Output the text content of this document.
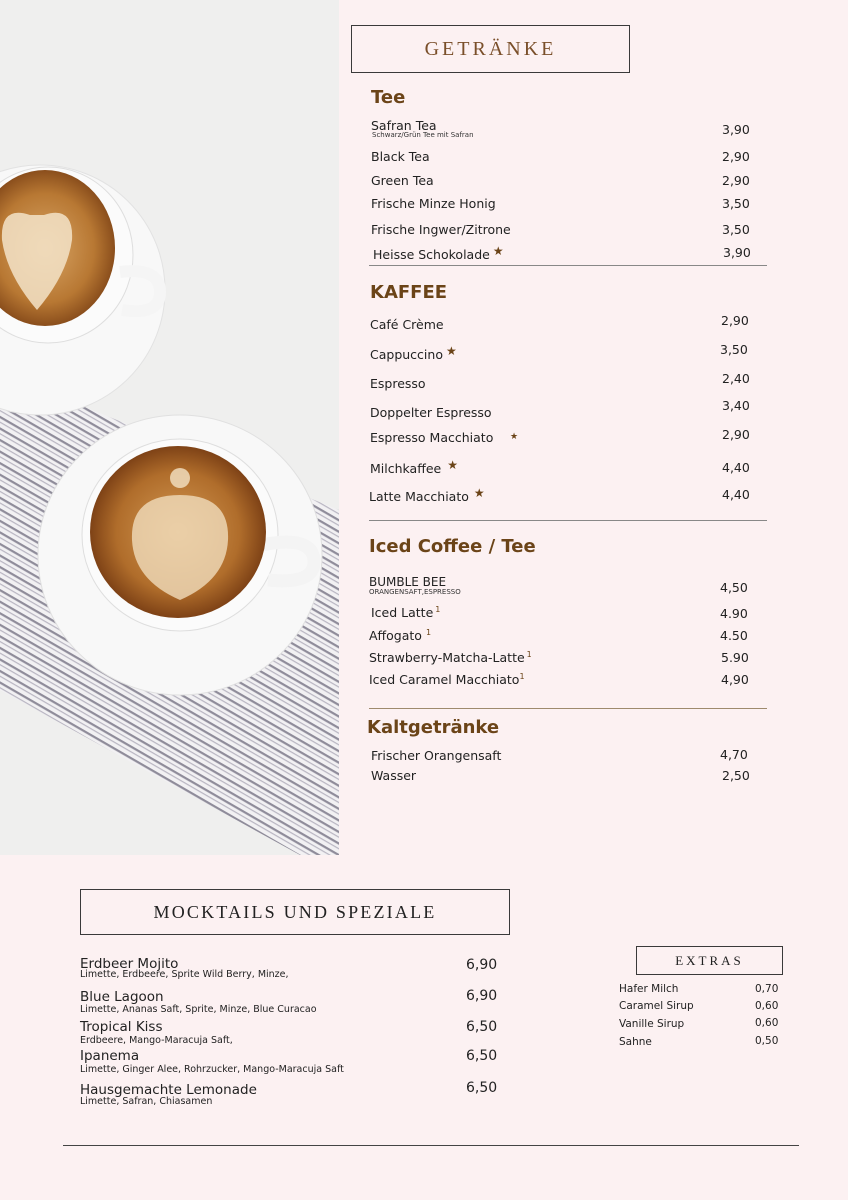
GETRÄNKE
Tee
Safran Tea
Schwarz/Grün Tee mit Safran	3,90
Black Tea	2,90
Green Tea	2,90
Frische Minze Honig	3,50
Frische Ingwer/Zitrone	3,50
Heisse Schokolade ★	3,90
KAFFEE
Café Crème	2,90
Cappuccino ★	3,50
Espresso	2,40
Doppelter Espresso	3,40
Espresso Macchiato ★	2,90
Milchkaffee ★	4,40
Latte Macchiato ★	4,40
Iced Coffee / Tee
BUMBLE BEE
ORANGENSAFT,ESPRESSO	4,50
Iced Latte $^1$	4.90
Affogato $^1$	4.50
Strawberry-Matcha-Latte $^1$	5.90
Iced Caramel Macchiato$^1$	4,90
Kaltgetränke
Frischer Orangensaft	4,70
Wasser	2,50
MOCKTAILS UND SPEZIALE
Erdbeer Mojito
Limette, Erdbeere, Sprite Wild Berry, Minze,
6,90
Blue Lagoon
Limette, Ananas Saft, Sprite, Minze, Blue Curacao
6,90
Tropical Kiss
Erdbeere, Mango-Maracuja Saft,
6,50
Ipanema
Limette, Ginger Alee, Rohrzucker, Mango-Maracuja Saft
6,50
Hausgemachte Lemonade
Limette, Safran, Chiasamen
6,50
EXTRAS
Hafer Milch	0,70
Caramel Sirup	0,60
Vanille Sirup	0,60
Sahne	0,50
